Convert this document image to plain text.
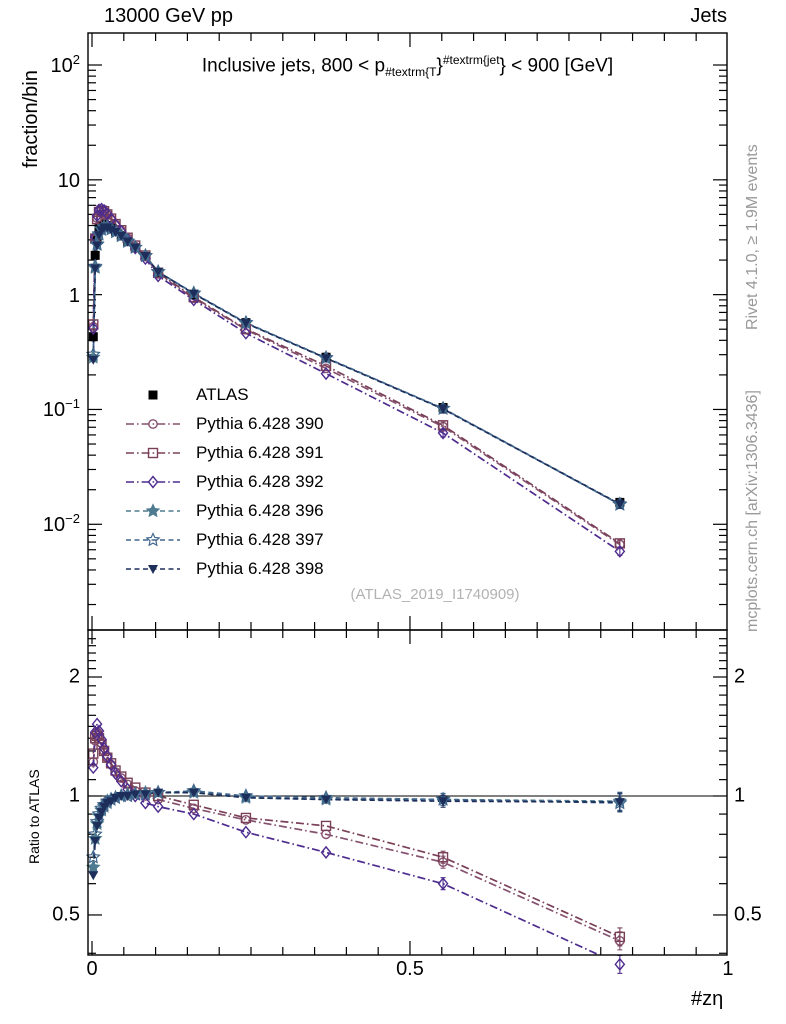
13000 GeV pp	Jets
Inclusive jets, $800 < p_{\#textrm\{T}\}^{\#textrm\{jet}\} < 900$ [GeV]
fraction/bin
Ratio to ATLAS
Rivet 4.1.0, ≥ 1.9M events
mcplots.cern.ch [arXiv:1306.3436]
(ATLAS_2019_I1740909)
$10^2$
10
1
$10^{-1}$
$10^{-2}$
2	2
1	1
0.5	0.5
0	0.5	1
#zη
ATLAS
Pythia 6.428 390
Pythia 6.428 391
Pythia 6.428 392
Pythia 6.428 396
Pythia 6.428 397
Pythia 6.428 398
